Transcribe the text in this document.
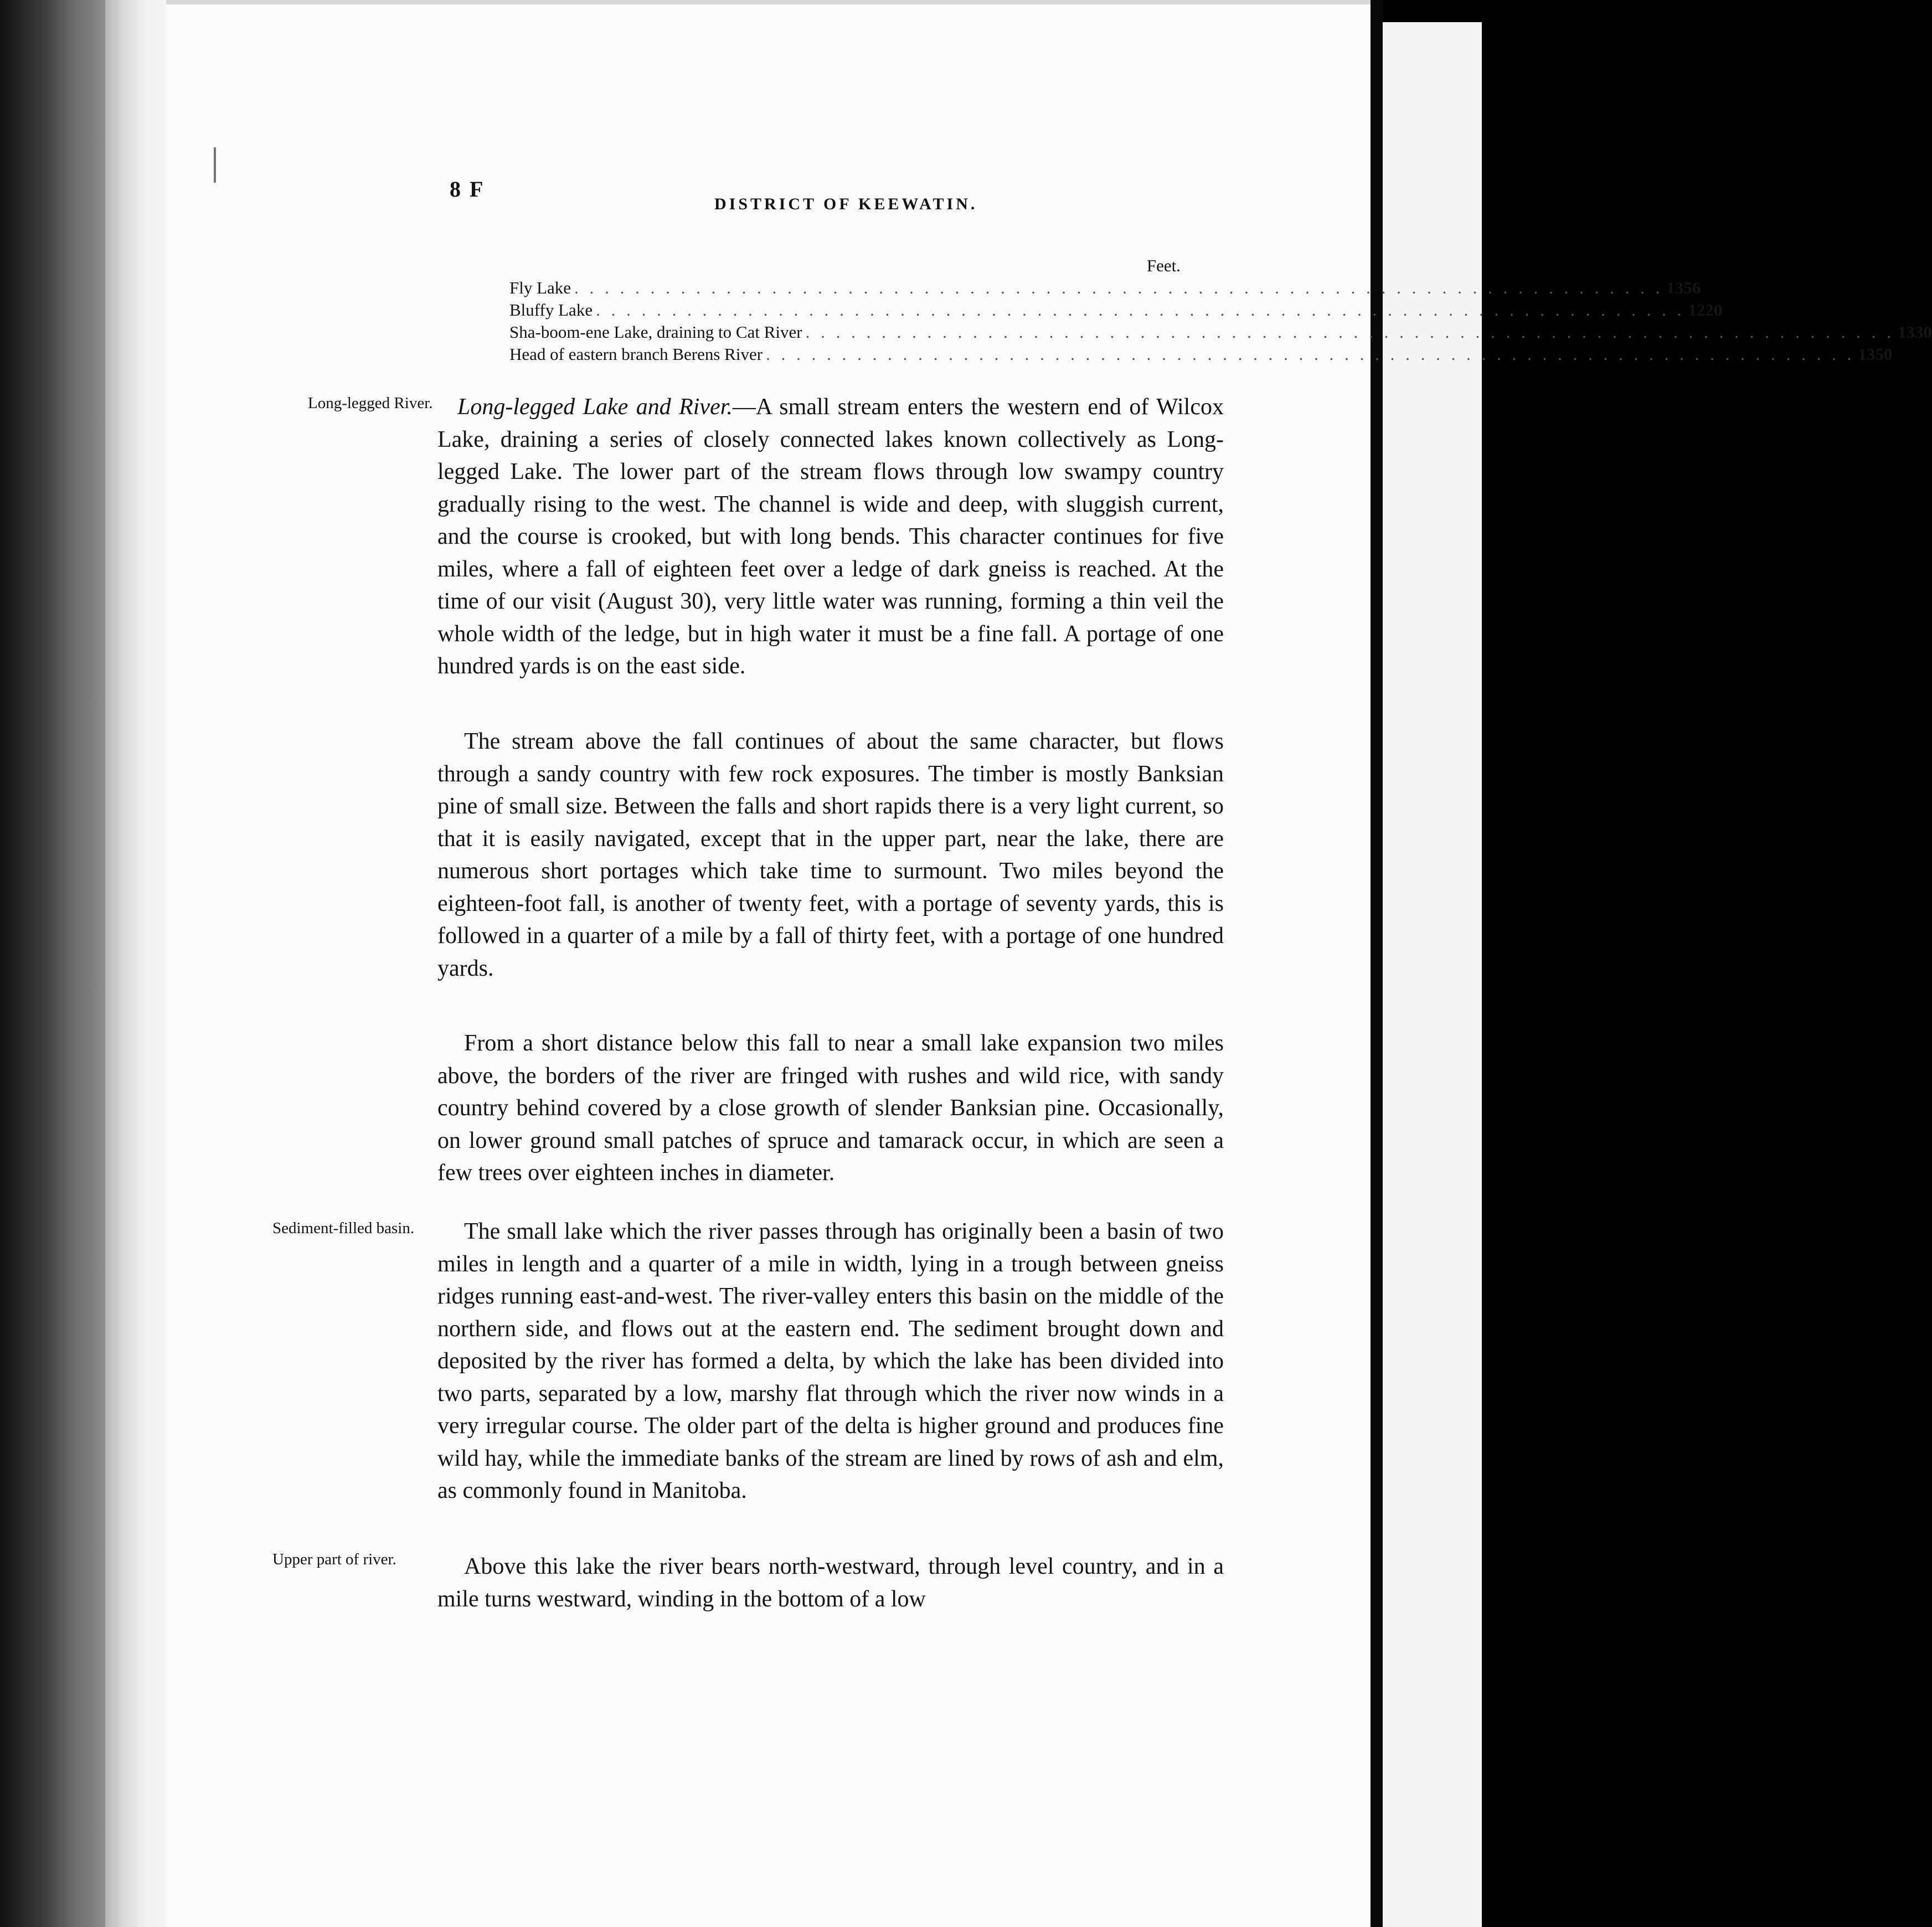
8 F
DISTRICT OF KEEWATIN.
Feet.
Fly Lake . . . . . . . . . . . . . . . . . . . . . . . . . . . . . . . . . . . . . . . . . . . . . . . . . . . . . . . . . . . . . . . . . . . . . . . . 1356
Bluffy Lake . . . . . . . . . . . . . . . . . . . . . . . . . . . . . . . . . . . . . . . . . . . . . . . . . . . . . . . . . . . . . . . . . . . . . . . . 1220
Sha-boom-ene Lake, draining to Cat River . . . . . . . . . . . . . . . . . . . . . . . . . . . . . . . . . . . . . . . . . . . . . . . . . . . . . . . . . . . . . . . . . . . . . . . . 1330
Head of eastern branch Berens River . . . . . . . . . . . . . . . . . . . . . . . . . . . . . . . . . . . . . . . . . . . . . . . . . . . . . . . . . . . . . . . . . . . . . . . . 1350
Long-legged River.
Sediment-filled basin.
Upper part of river.

Long-legged Lake and River.—A small stream enters the western end of Wilcox Lake, draining a series of closely connected lakes known collectively as Long-legged Lake. The lower part of the stream flows through low swampy country gradually rising to the west. The channel is wide and deep, with sluggish current, and the course is crooked, but with long bends. This character continues for five miles, where a fall of eighteen feet over a ledge of dark gneiss is reached. At the time of our visit (August 30), very little water was running, forming a thin veil the whole width of the ledge, but in high water it must be a fine fall. A portage of one hundred yards is on the east side.

The stream above the fall continues of about the same character, but flows through a sandy country with few rock exposures. The timber is mostly Banksian pine of small size. Between the falls and short rapids there is a very light current, so that it is easily navigated, except that in the upper part, near the lake, there are numerous short portages which take time to surmount. Two miles beyond the eighteen-foot fall, is another of twenty feet, with a portage of seventy yards, this is followed in a quarter of a mile by a fall of thirty feet, with a portage of one hundred yards.

From a short distance below this fall to near a small lake expansion two miles above, the borders of the river are fringed with rushes and wild rice, with sandy country behind covered by a close growth of slender Banksian pine. Occasionally, on lower ground small patches of spruce and tamarack occur, in which are seen a few trees over eighteen inches in diameter.

The small lake which the river passes through has originally been a basin of two miles in length and a quarter of a mile in width, lying in a trough between gneiss ridges running east-and-west. The river-valley enters this basin on the middle of the northern side, and flows out at the eastern end. The sediment brought down and deposited by the river has formed a delta, by which the lake has been divided into two parts, separated by a low, marshy flat through which the river now winds in a very irregular course. The older part of the delta is higher ground and produces fine wild hay, while the immediate banks of the stream are lined by rows of ash and elm, as commonly found in Manitoba.

Above this lake the river bears north-westward, through level country, and in a mile turns westward, winding in the bottom of a low
